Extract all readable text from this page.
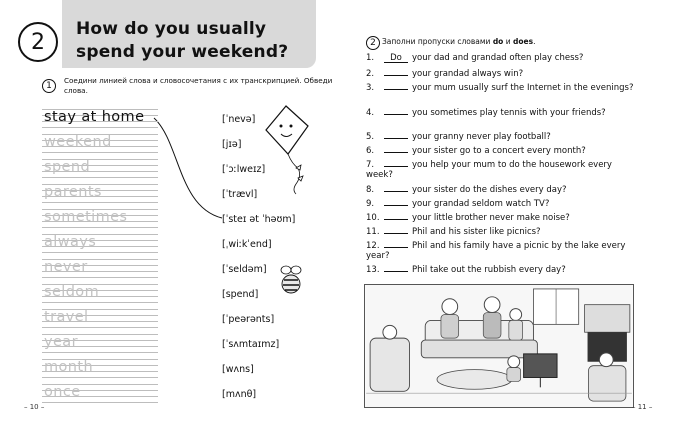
2
How do you usually
spend your weekend?
1
Соедини линией слова и словосочетания с их транскрипцией. Обведи слова.
stay at home
weekend
spend
parents
sometimes
always
never
seldom
travel
year
month
once
[ˈnevə]
[jɪə]
[ˈɔːlweɪz]
[ˈtrævl]
[ˈsteɪ ət ˈhəʊm]
[ˌwiːkˈend]
[ˈseldəm]
[spend]
[ˈpeərənts]
[ˈsʌmtaɪmz]
[wʌns]
[mʌnθ]
– 10 –
2 Заполни пропуски словами do и does.
1. Do your dad and grandad often play chess?
2.	your grandad always win?
3.	your mum usually surf the Internet in the evenings?
4.	you sometimes play tennis with your friends?
5.	your granny never play football?
6.	your sister go to a concert every month?
7.	you help your mum to do the housework every week?
8.	your sister do the dishes every day?
9.	your grandad seldom watch TV?
10.	your little brother never make noise?
11.	Phil and his sister like picnics?
12.	Phil and his family have a picnic by the lake every year?
13.	Phil take out the rubbish every day?
– 11 –
